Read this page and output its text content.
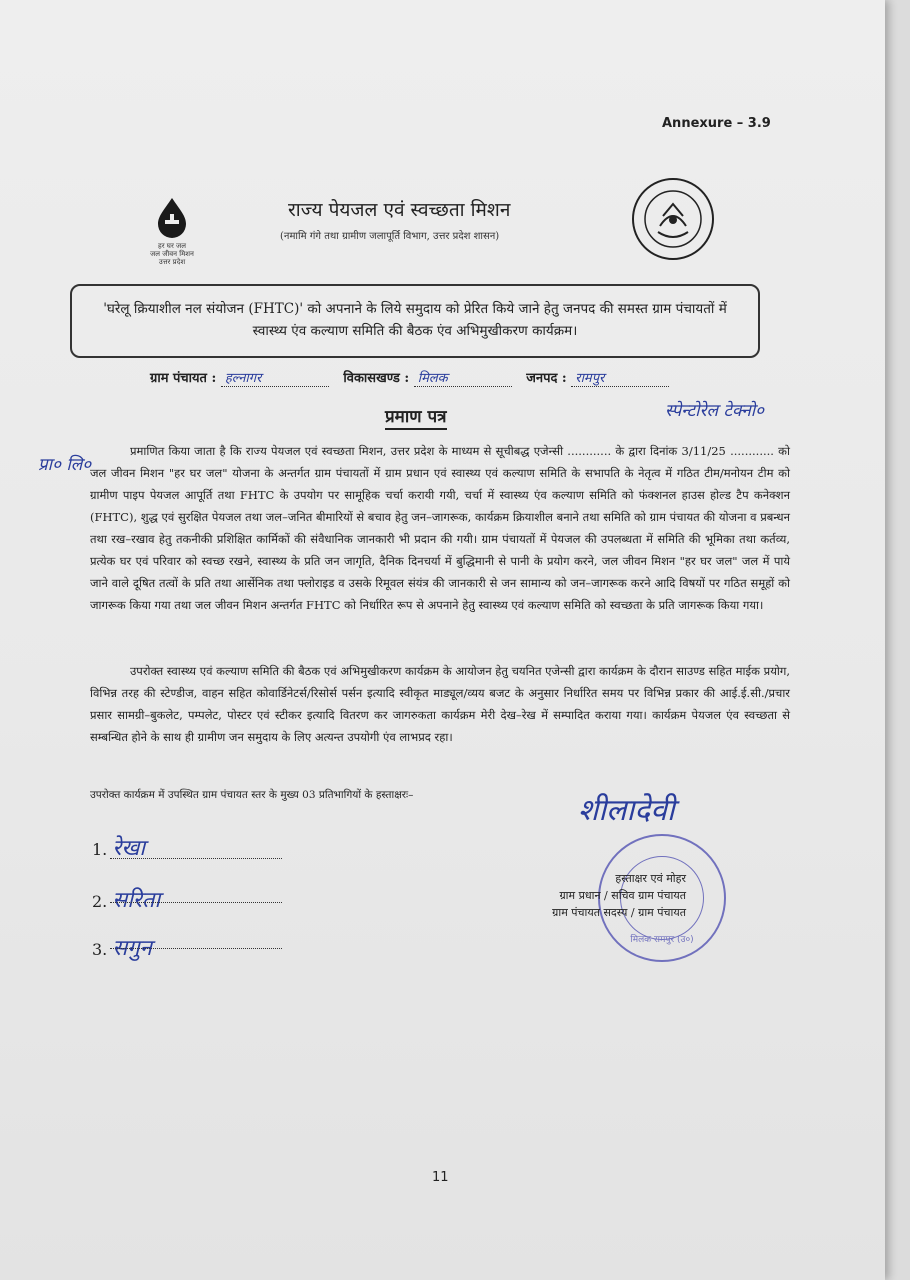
Annexure – 3.9
हर घर जल
जल जीवन मिशन
उत्तर प्रदेश
राज्य पेयजल एवं स्वच्छता मिशन
(नमामि गंगे तथा ग्रामीण जलापूर्ति विभाग, उत्तर प्रदेश शासन)
'घरेलू क्रियाशील नल संयोजन (FHTC)' को अपनाने के लिये समुदाय को प्रेरित किये जाने हेतु जनपद की समस्त ग्राम पंचायतों में स्वास्थ्य एंव कल्याण समिति की बैठक एंव अभिमुखीकरण कार्यक्रम।
ग्राम पंचायत : हल्नागर	विकासखण्ड : मिलक	जनपद : रामपुर
प्रमाण पत्र	स्पेन्टोरेल टेक्नो०
प्रा० लि०
प्रमाणित किया जाता है कि राज्य पेयजल एवं स्वच्छता मिशन, उत्तर प्रदेश के माध्यम से सूचीबद्ध एजेन्सी ............ के द्वारा दिनांक 3/11/25 ............ को जल जीवन मिशन "हर घर जल" योजना के अन्तर्गत ग्राम पंचायतों में ग्राम प्रधान एवं स्वास्थ्य एवं कल्याण समिति के सभापति के नेतृत्व में गठित टीम/मनोयन टीम को ग्रामीण पाइप पेयजल आपूर्ति तथा FHTC के उपयोग पर सामूहिक चर्चा करायी गयी, चर्चा में स्वास्थ्य एंव कल्याण समिति को फंक्शनल हाउस होल्ड टैप कनेक्शन (FHTC), शुद्ध एवं सुरक्षित पेयजल तथा जल–जनित बीमारियों से बचाव हेतु जन–जागरूक, कार्यक्रम क्रियाशील बनाने तथा समिति को ग्राम पंचायत की योजना व प्रबन्धन तथा रख–रखाव हेतु तकनीकी प्रशिक्षित कार्मिकों की संवैधानिक जानकारी भी प्रदान की गयी। ग्राम पंचायतों में पेयजल की उपलब्धता में समिति की भूमिका तथा कर्तव्य, प्रत्येक घर एवं परिवार को स्वच्छ रखने, स्वास्थ्य के प्रति जन जागृति, दैनिक दिनचर्या में बुद्धिमानी से पानी के प्रयोग करने, जल जीवन मिशन "हर घर जल" जल में पाये जाने वाले दूषित तत्वों के प्रति तथा आर्सेनिक तथा फ्लोराइड व उसके रिमूवल संयंत्र की जानकारी से जन सामान्य को जन–जागरूक करने आदि विषयों पर गठित समूहों को जागरूक किया गया तथा जल जीवन मिशन अन्तर्गत FHTC को निर्धारित रूप से अपनाने हेतु स्वास्थ्य एवं कल्याण समिति को स्वच्छता के प्रति जागरूक किया गया।
उपरोक्त स्वास्थ्य एवं कल्याण समिति की बैठक एवं अभिमुखीकरण कार्यक्रम के आयोजन हेतु चयनित एजेन्सी द्वारा कार्यक्रम के दौरान साउण्ड सहित माईक प्रयोग, विभिन्न तरह की स्टेण्डीज, वाहन सहित कोवार्डिनेटर्स/रिसोर्स पर्सन इत्यादि स्वीकृत माड्यूल/व्यय बजट के अनुसार निर्धारित समय पर विभिन्न प्रकार की आई.ई.सी./प्रचार प्रसार सामग्री–बुकलेट, पम्पलेट, पोस्टर एवं स्टीकर इत्यादि वितरण कर जागरुकता कार्यक्रम मेरी देख–रेख में सम्पादित कराया गया। कार्यक्रम पेयजल एंव स्वच्छता से सम्बन्धित होने के साथ ही ग्रामीण जन समुदाय के लिए अत्यन्त उपयोगी एंव लाभप्रद रहा।
उपरोक्त कार्यक्रम में उपस्थित ग्राम पंचायत स्तर के मुख्य 03 प्रतिभागियों के हस्ताक्षरः–
1. रेखा
2. सरिता
3. सगुन
शीलादेवी
मिलक रामपुर (उ०)
हस्ताक्षर एवं मोहर
ग्राम प्रधान / सचिव ग्राम पंचायत
ग्राम पंचायत सदस्य / ग्राम पंचायत
11
